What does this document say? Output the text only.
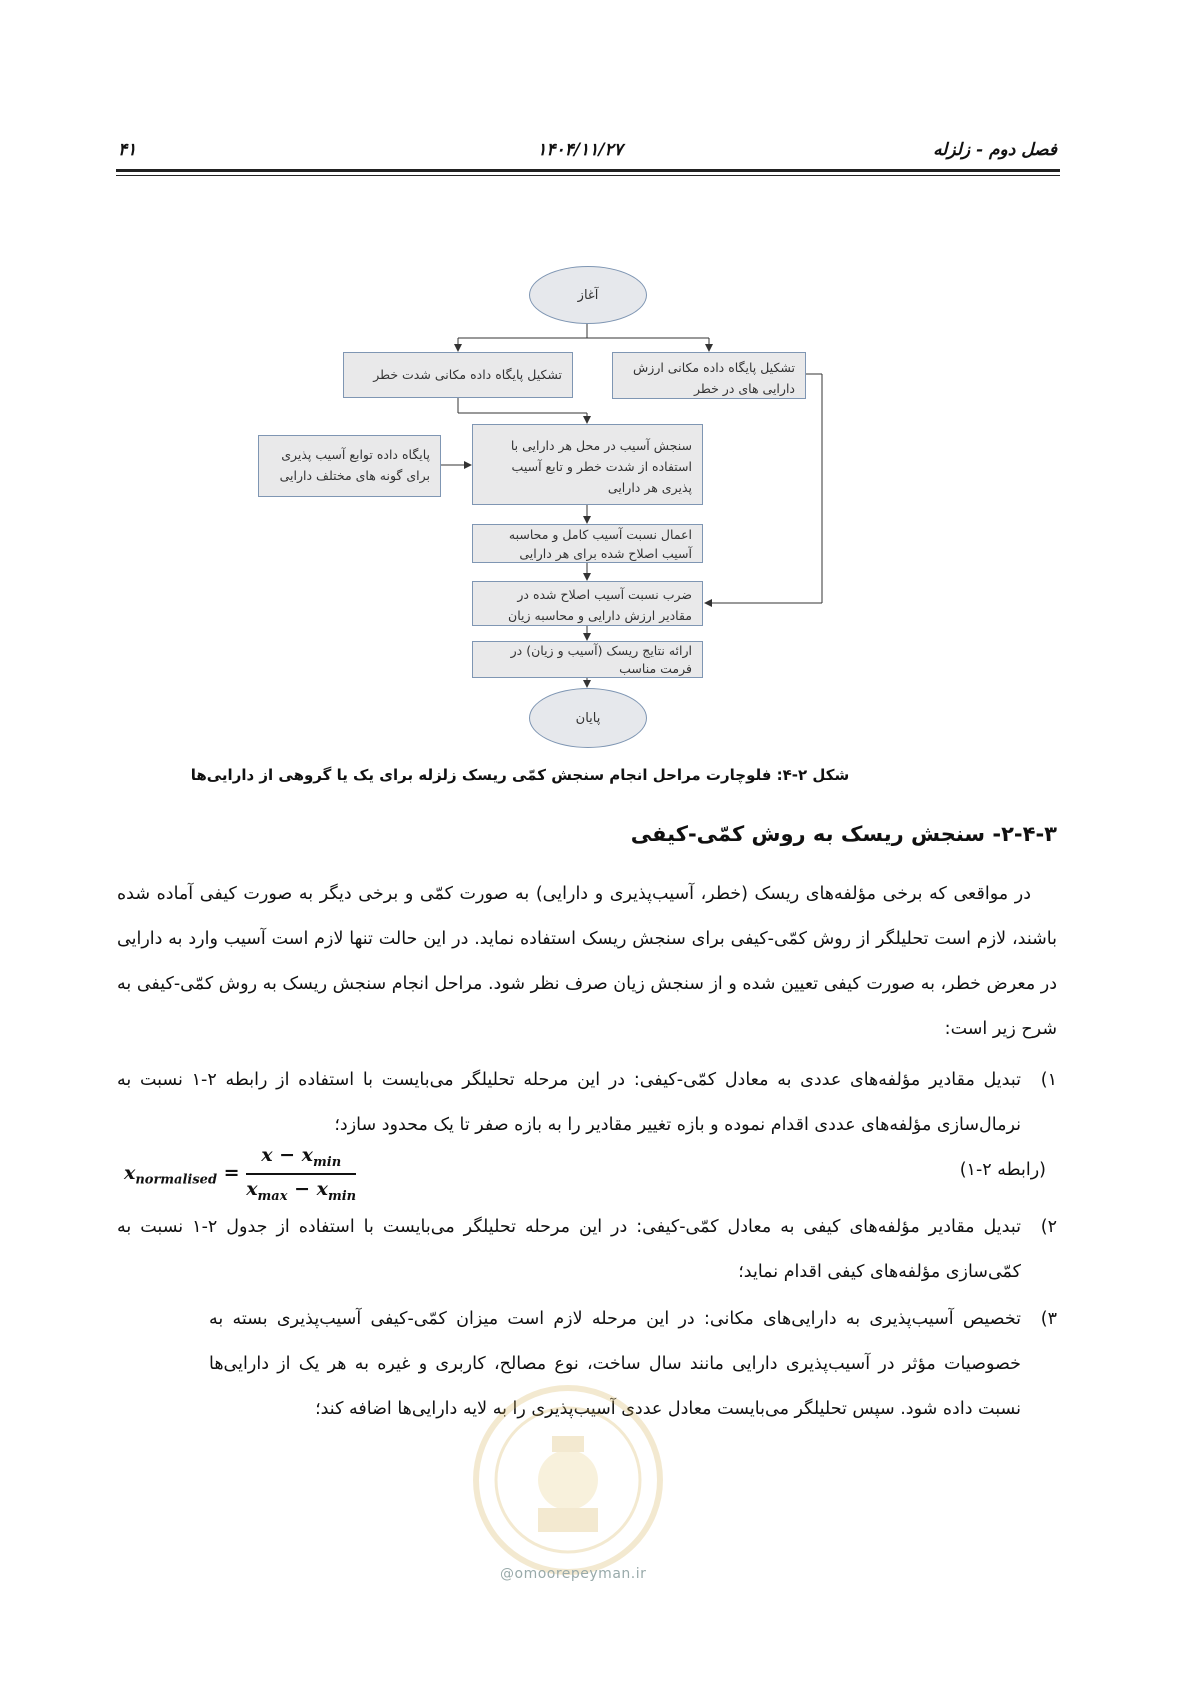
فصل دوم - زلزله
۱۴۰۴/۱۱/۲۷
۴۱
آغاز
تشکیل پایگاه داده مکانی شدت خطر	تشکیل پایگاه داده مکانی ارزش دارایی های در خطر
پایگاه داده توابع آسیب پذیری برای گونه های مختلف دارایی
سنجش آسیب در محل هر دارایی با استفاده از شدت خطر و تابع آسیب پذیری هر دارایی
اعمال نسبت آسیب کامل و محاسبه آسیب اصلاح شده برای هر دارایی
ضرب نسبت آسیب اصلاح شده در مقادیر ارزش دارایی و محاسبه زیان
ارائه نتایج ریسک (آسیب و زیان) در فرمت مناسب
پایان
شکل ۲-۴: فلوچارت مراحل انجام سنجش کمّی ریسک زلزله برای یک یا گروهی از دارایی‌ها
۲-۴-۳- سنجش ریسک به روش کمّی-کیفی
در مواقعی که برخی مؤلفه‌های ریسک (خطر، آسیب‌پذیری و دارایی) به صورت کمّی و برخی دیگر به صورت کیفی آماده شده باشند، لازم است تحلیلگر از روش کمّی-کیفی برای سنجش ریسک استفاده نماید. در این حالت تنها لازم است آسیب وارد به دارایی در معرض خطر، به صورت کیفی تعیین شده و از سنجش زیان صرف نظر شود. مراحل انجام سنجش ریسک به روش کمّی-کیفی به شرح زیر است:
۱)
تبدیل مقادیر مؤلفه‌های عددی به معادل کمّی-کیفی: در این مرحله تحلیلگر می‌بایست با استفاده از رابطه ۲-۱ نسبت به نرمال‌سازی مؤلفه‌های عددی اقدام نموده و بازه تغییر مقادیر را به بازه صفر تا یک محدود سازد؛
(رابطه ۲-۱)
$x_{normalised} = \frac{x - x_{min}}{x_{max} - x_{min}}$
۲)
تبدیل مقادیر مؤلفه‌های کیفی به معادل کمّی-کیفی: در این مرحله تحلیلگر می‌بایست با استفاده از جدول ۲-۱ نسبت به کمّی‌سازی مؤلفه‌های کیفی اقدام نماید؛
۳)
تخصیص آسیب‌پذیری به دارایی‌های مکانی: در این مرحله لازم است میزان کمّی-کیفی آسیب‌پذیری بسته به خصوصیات مؤثر در آسیب‌پذیری دارایی مانند سال ساخت، نوع مصالح، کاربری و غیره به هر یک از دارایی‌ها نسبت داده شود. سپس تحلیلگر می‌بایست معادل عددی آسیب‌پذیری را به لایه دارایی‌ها اضافه کند؛
@omoorepeyman.ir
